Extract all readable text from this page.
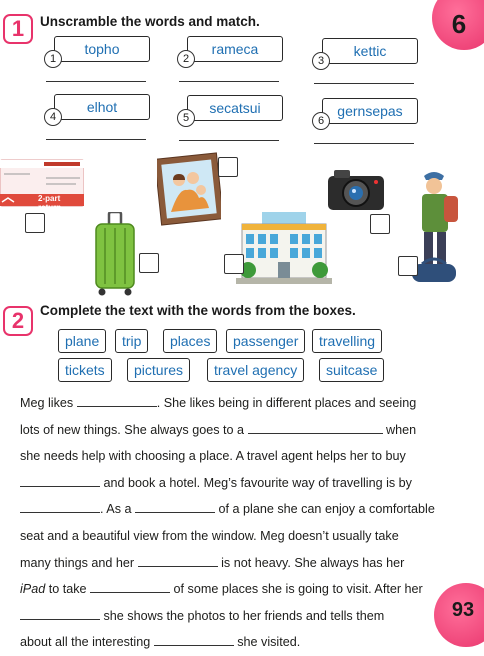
6
93
1	Unscramble the words and match.
topho
1
rameca
2	kettic
3
elhot
4
secatsui
5	gernsepas
6
2-part return
2	Complete the text with the words from the boxes.
plane	trip	places	passenger	travelling
tickets	pictures	travel agency	suitcase

Meg likes	. She likes being in different places and seeing

lots of new things. She always goes to a	when

she needs help with choosing a place. A travel agent helps her to buy

and book a hotel. Meg’s favourite way of travelling is by

. As a	of a plane she can enjoy a comfortable

seat and a beautiful view from the window. Meg doesn’t usually take

many things and her	is not heavy. She always has her

iPad to take	of some places she is going to visit. After her

she shows the photos to her friends and tells them

about all the interesting	she visited.
